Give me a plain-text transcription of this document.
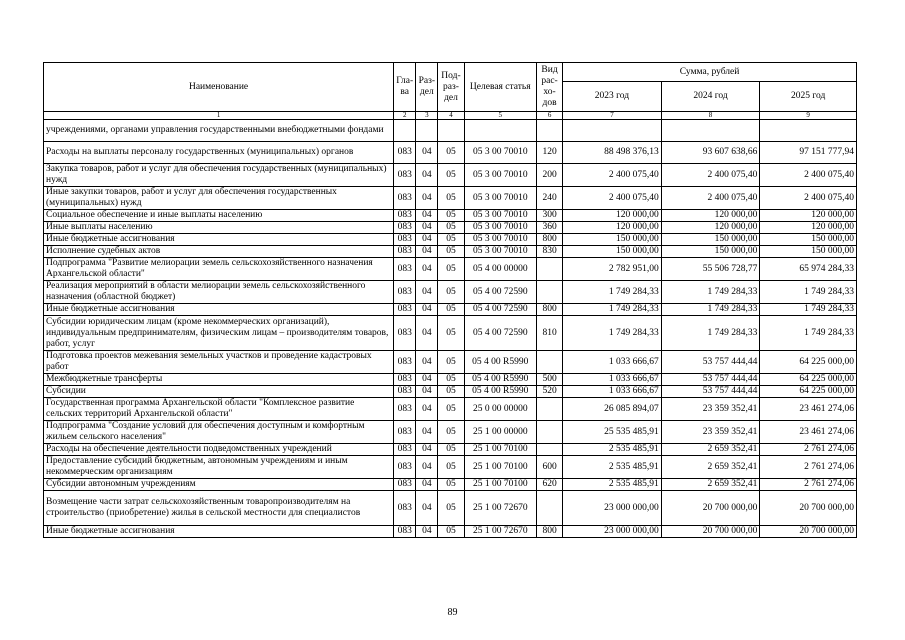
Наименование	Гла-ва	Раз-дел	Под-раз-дел	Целевая статья	Вид рас-хо-дов	Сумма, рублей		
						2023 год	2024 год	2025 год
1	2	3	4	5	6	7	8	9
учреждениями, органами управления государственными внебюджетными фондами								
Расходы на выплаты персоналу государственных (муниципальных) органов	083	04	05	05 3 00 70010	120	88 498 376,13	93 607 638,66	97 151 777,94
Закупка товаров, работ и услуг для обеспечения государственных (муниципальных) нужд	083	04	05	05 3 00 70010	200	2 400 075,40	2 400 075,40	2 400 075,40
Иные закупки товаров, работ и услуг для обеспечения государственных (муниципальных) нужд	083	04	05	05 3 00 70010	240	2 400 075,40	2 400 075,40	2 400 075,40
Социальное обеспечение и иные выплаты населению	083	04	05	05 3 00 70010	300	120 000,00	120 000,00	120 000,00
Иные выплаты населению	083	04	05	05 3 00 70010	360	120 000,00	120 000,00	120 000,00
Иные бюджетные ассигнования	083	04	05	05 3 00 70010	800	150 000,00	150 000,00	150 000,00
Исполнение судебных актов	083	04	05	05 3 00 70010	830	150 000,00	150 000,00	150 000,00
Подпрограмма "Развитие мелиорации земель сельскохозяйственного назначения Архангельской области"	083	04	05	05 4 00 00000		2 782 951,00	55 506 728,77	65 974 284,33
Реализация мероприятий в области мелиорации земель сельскохозяйственного назначения (областной бюджет)	083	04	05	05 4 00 72590		1 749 284,33	1 749 284,33	1 749 284,33
Иные бюджетные ассигнования	083	04	05	05 4 00 72590	800	1 749 284,33	1 749 284,33	1 749 284,33
Субсидии юридическим лицам (кроме некоммерческих организаций), индивидуальным предпринимателям, физическим лицам – производителям товаров, работ, услуг	083	04	05	05 4 00 72590	810	1 749 284,33	1 749 284,33	1 749 284,33
Подготовка проектов межевания земельных участков и проведение кадастровых работ	083	04	05	05 4 00 R5990		1 033 666,67	53 757 444,44	64 225 000,00
Межбюджетные трансферты	083	04	05	05 4 00 R5990	500	1 033 666,67	53 757 444,44	64 225 000,00
Субсидии	083	04	05	05 4 00 R5990	520	1 033 666,67	53 757 444,44	64 225 000,00
Государственная программа Архангельской области "Комплексное развитие сельских территорий Архангельской области"	083	04	05	25 0 00 00000		26 085 894,07	23 359 352,41	23 461 274,06
Подпрограмма "Создание условий для обеспечения доступным и комфортным жильем сельского населения"	083	04	05	25 1 00 00000		25 535 485,91	23 359 352,41	23 461 274,06
Расходы на обеспечение деятельности подведомственных учреждений	083	04	05	25 1 00 70100		2 535 485,91	2 659 352,41	2 761 274,06
Предоставление субсидий бюджетным, автономным учреждениям и иным некоммерческим организациям	083	04	05	25 1 00 70100	600	2 535 485,91	2 659 352,41	2 761 274,06
Субсидии автономным учреждениям	083	04	05	25 1 00 70100	620	2 535 485,91	2 659 352,41	2 761 274,06
Возмещение части затрат сельскохозяйственным товаропроизводителям на строительство (приобретение) жилья в сельской местности для специалистов	083	04	05	25 1 00 72670		23 000 000,00	20 700 000,00	20 700 000,00
Иные бюджетные ассигнования	083	04	05	25 1 00 72670	800	23 000 000,00	20 700 000,00	20 700 000,00
89
